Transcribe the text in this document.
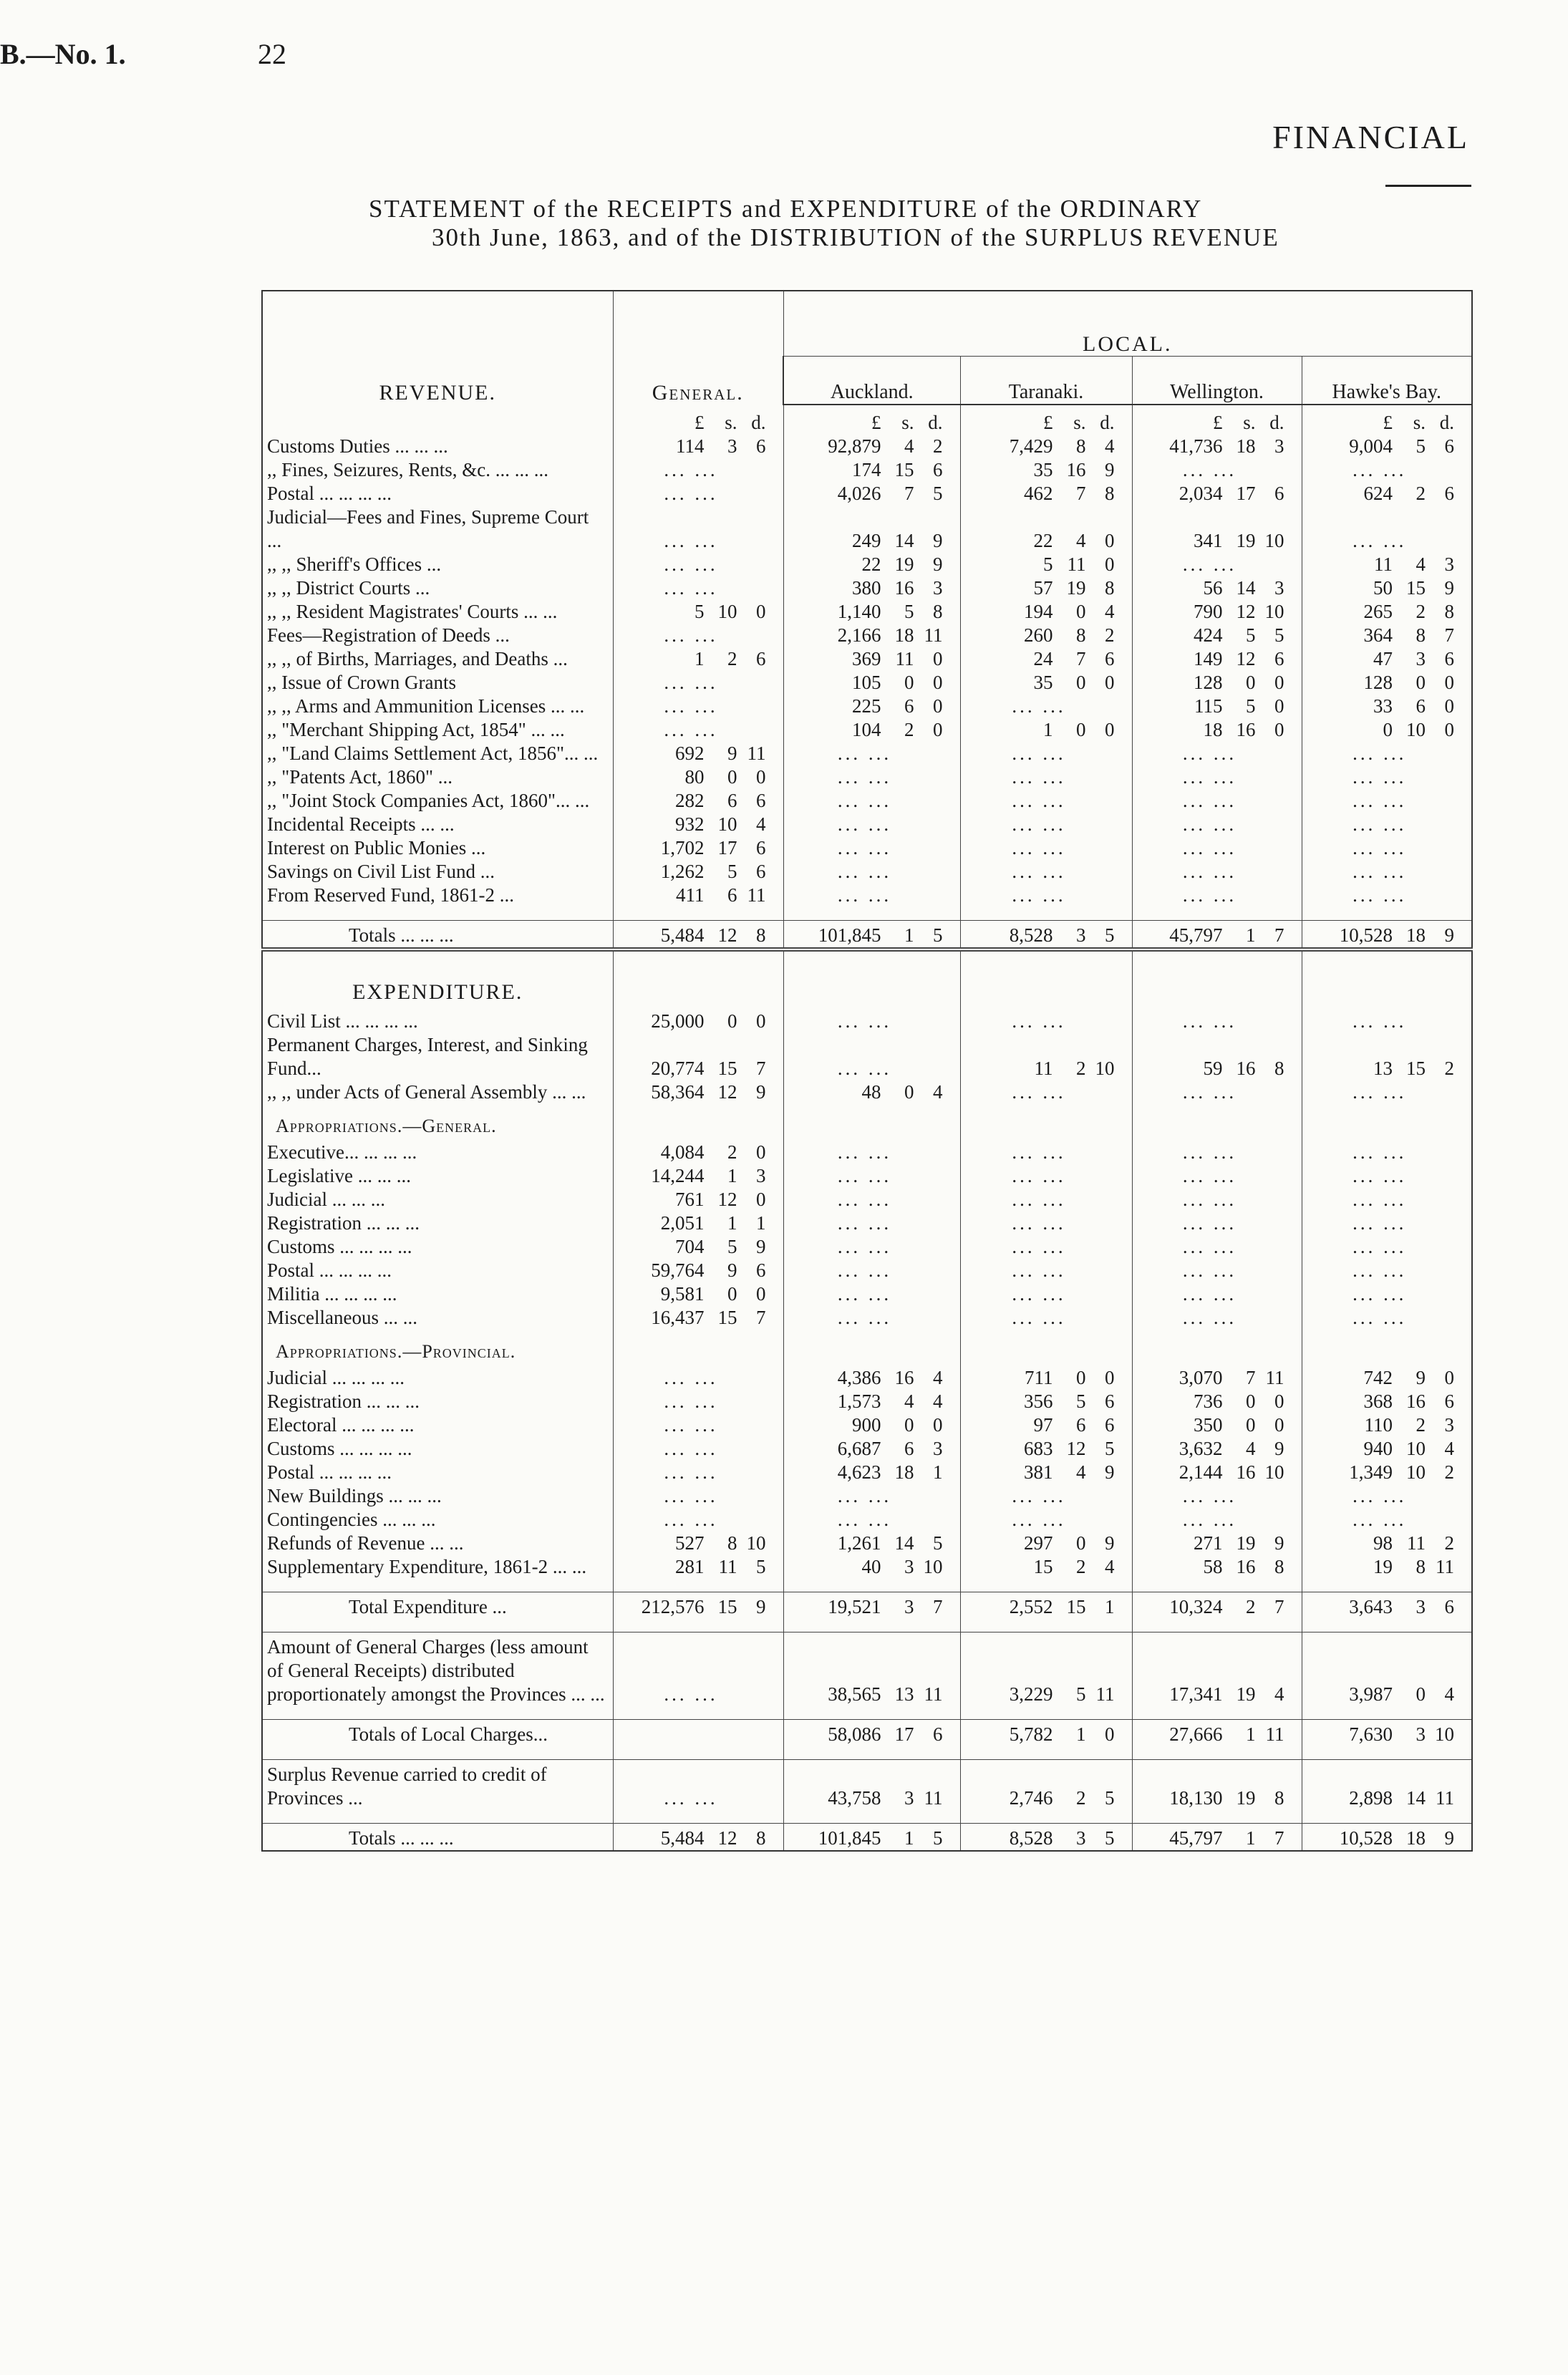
B.—No. 1.	22
FINANCIAL
STATEMENT of the RECEIPTS and EXPENDITURE of the ORDINARY
30th June, 1863, and of the DISTRIBUTION of the SURPLUS REVENUE
REVENUE.	General.	LOCAL.			
		Auckland.	Taranaki.	Wellington.	Hawke's Bay.

	£ s. d.	£ s. d.	£ s. d.	£ s. d.	£ s. d.

Customs Duties ... ... ...	114 3 6	92,879 4 2	7,429 8 4	41,736 18 3	9,004 5 6

,, Fines, Seizures, Rents, &c. ... ... ...	... ...	174 15 6	35 16 9	... ...	... ...

Postal ... ... ... ...	... ...	4,026 7 5	462 7 8	2,034 17 6	624 2 6

Judicial—Fees and Fines, Supreme Court ...	... ...	249 14 9	22 4 0	341 19 10	... ...

,, ,, Sheriff's Offices ...	... ...	22 19 9	5 11 0	... ...	11 4 3

,, ,, District Courts ...	... ...	380 16 3	57 19 8	56 14 3	50 15 9

,, ,, Resident Magistrates' Courts ... ...	5 10 0	1,140 5 8	194 0 4	790 12 10	265 2 8

Fees—Registration of Deeds ...	... ...	2,166 18 11	260 8 2	424 5 5	364 8 7

,, ,, of Births, Marriages, and Deaths ...	1 2 6	369 11 0	24 7 6	149 12 6	47 3 6

,, Issue of Crown Grants	... ...	105 0 0	35 0 0	128 0 0	128 0 0

,, ,, Arms and Ammunition Licenses ... ...	... ...	225 6 0	... ...	115 5 0	33 6 0

,, "Merchant Shipping Act, 1854" ... ...	... ...	104 2 0	1 0 0	18 16 0	0 10 0

,, "Land Claims Settlement Act, 1856"... ...	692 9 11	... ...	... ...	... ...	... ...

,, "Patents Act, 1860" ...	80 0 0	... ...	... ...	... ...	... ...

,, "Joint Stock Companies Act, 1860"... ...	282 6 6	... ...	... ...	... ...	... ...

Incidental Receipts ... ...	932 10 4	... ...	... ...	... ...	... ...

Interest on Public Monies ...	1,702 17 6	... ...	... ...	... ...	... ...

Savings on Civil List Fund ...	1,262 5 6	... ...	... ...	... ...	... ...

From Reserved Fund, 1861-2 ...	411 6 11	... ...	... ...	... ...	... ...

Totals ... ... ...	5,484 12 8	101,845 1 5	8,528 3 5	45,797 1 7	10,528 18 9

EXPENDITURE.					
Civil List ... ... ... ...	25,000 0 0	... ...	... ...	... ...	... ...

Permanent Charges, Interest, and Sinking Fund...	20,774 15 7	... ...	11 2 10	59 16 8	13 15 2

,, ,, under Acts of General Assembly ... ...	58,364 12 9	48 0 4	... ...	... ...	... ...

Appropriations.—General.					
Executive... ... ... ...	4,084 2 0	... ...	... ...	... ...	... ...

Legislative ... ... ...	14,244 1 3	... ...	... ...	... ...	... ...

Judicial ... ... ...	761 12 0	... ...	... ...	... ...	... ...

Registration ... ... ...	2,051 1 1	... ...	... ...	... ...	... ...

Customs ... ... ... ...	704 5 9	... ...	... ...	... ...	... ...

Postal ... ... ... ...	59,764 9 6	... ...	... ...	... ...	... ...

Militia ... ... ... ...	9,581 0 0	... ...	... ...	... ...	... ...

Miscellaneous ... ...	16,437 15 7	... ...	... ...	... ...	... ...

Appropriations.—Provincial.					
Judicial ... ... ... ...	... ...	4,386 16 4	711 0 0	3,070 7 11	742 9 0

Registration ... ... ...	... ...	1,573 4 4	356 5 6	736 0 0	368 16 6

Electoral ... ... ... ...	... ...	900 0 0	97 6 6	350 0 0	110 2 3

Customs ... ... ... ...	... ...	6,687 6 3	683 12 5	3,632 4 9	940 10 4

Postal ... ... ... ...	... ...	4,623 18 1	381 4 9	2,144 16 10	1,349 10 2

New Buildings ... ... ...	... ...	... ...	... ...	... ...	... ...

Contingencies ... ... ...	... ...	... ...	... ...	... ...	... ...

Refunds of Revenue ... ...	527 8 10	1,261 14 5	297 0 9	271 19 9	98 11 2

Supplementary Expenditure, 1861-2 ... ...	281 11 5	40 3 10	15 2 4	58 16 8	19 8 11

Total Expenditure ...	212,576 15 9	19,521 3 7	2,552 15 1	10,324 2 7	3,643 3 6

Amount of General Charges (less amount of General Receipts) distributed proportionately amongst the Provinces ... ...	... ...	38,565 13 11	3,229 5 11	17,341 19 4	3,987 0 4

Totals of Local Charges...		58,086 17 6	5,782 1 0	27,666 1 11	7,630 3 10

Surplus Revenue carried to credit of Provinces ...	... ...	43,758 3 11	2,746 2 5	18,130 19 8	2,898 14 11

Totals ... ... ...	5,484 12 8	101,845 1 5	8,528 3 5	45,797 1 7	10,528 18 9
